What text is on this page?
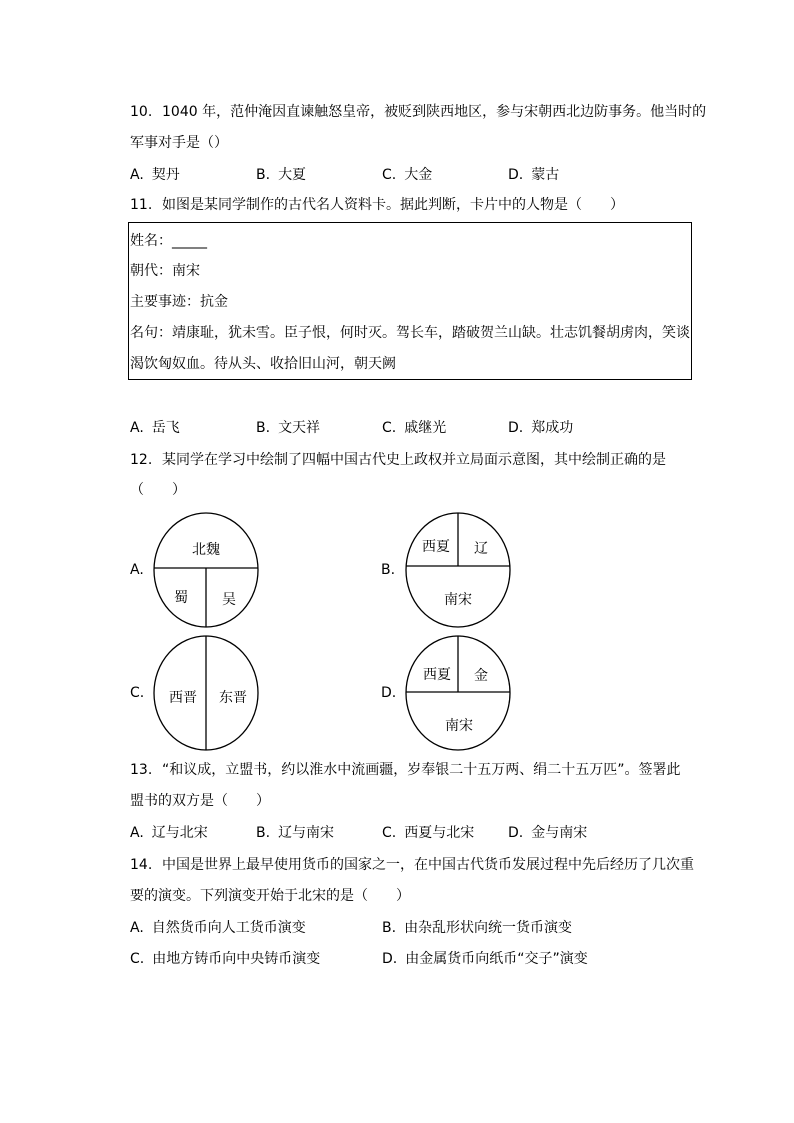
10. 1040 年，范仲淹因直谏触怒皇帝，被贬到陕西地区，参与宋朝西北边防事务。他当时的
军事对手是（）
A. 契丹	B. 大夏	C. 大金	D. 蒙古
11. 如图是某同学制作的古代名人资料卡。据此判断，卡片中的人物是（　　）
姓名：_____
朝代：南宋
主要事迹：抗金
名句：靖康耻，犹未雪。臣子恨，何时灭。驾长车，踏破贺兰山缺。壮志饥餐胡虏肉，笑谈
渴饮匈奴血。待从头、收拾旧山河，朝天阙
A. 岳飞	B. 文天祥	C. 戚继光	D. 郑成功
12. 某同学在学习中绘制了四幅中国古代史上政权并立局面示意图，其中绘制正确的是
（　　）
A.
北魏
蜀 吴
B.
西夏 辽
南宋
C. 西晋 东晋	D.
西夏 金
南宋
13. “和议成，立盟书，约以淮水中流画疆，岁奉银二十五万两、绢二十五万匹”。签署此
盟书的双方是（　　）
A. 辽与北宋	B. 辽与南宋	C. 西夏与北宋 D. 金与南宋
14. 中国是世界上最早使用货币的国家之一，在中国古代货币发展过程中先后经历了几次重
要的演变。下列演变开始于北宋的是（　　）
A. 自然货币向人工货币演变	B. 由杂乱形状向统一货币演变
C. 由地方铸币向中央铸币演变	D. 由金属货币向纸币“交子”演变
